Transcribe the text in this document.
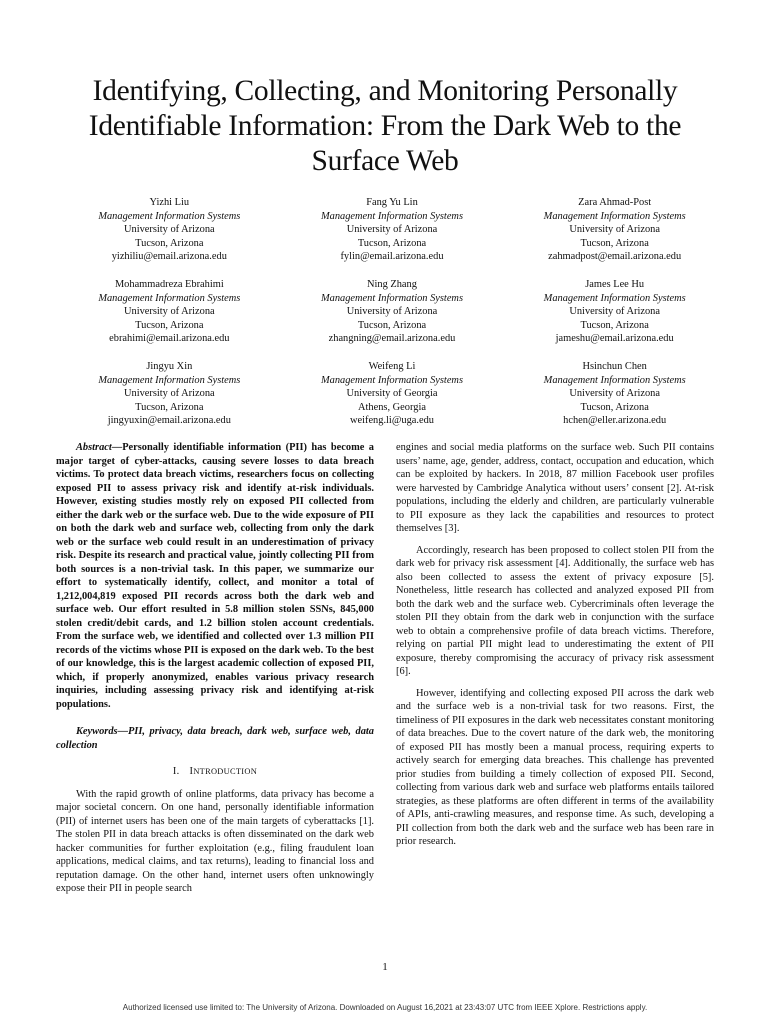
Identifying, Collecting, and Monitoring Personally
Identifiable Information: From the Dark Web to the
Surface Web
Yizhi Liu
Management Information Systems
University of Arizona
Tucson, Arizona
yizhiliu@email.arizona.edu
Fang Yu Lin
Management Information Systems
University of Arizona
Tucson, Arizona
fylin@email.arizona.edu
Zara Ahmad-Post
Management Information Systems
University of Arizona
Tucson, Arizona
zahmadpost@email.arizona.edu
Mohammadreza Ebrahimi
Management Information Systems
University of Arizona
Tucson, Arizona
ebrahimi@email.arizona.edu
Ning Zhang
Management Information Systems
University of Arizona
Tucson, Arizona
zhangning@email.arizona.edu
James Lee Hu
Management Information Systems
University of Arizona
Tucson, Arizona
jameshu@email.arizona.edu
Jingyu Xin
Management Information Systems
University of Arizona
Tucson, Arizona
jingyuxin@email.arizona.edu
Weifeng Li
Management Information Systems
University of Georgia
Athens, Georgia
weifeng.li@uga.edu
Hsinchun Chen
Management Information Systems
University of Arizona
Tucson, Arizona
hchen@eller.arizona.edu

Abstract—Personally identifiable information (PII) has become a major target of cyber-attacks, causing severe losses to data breach victims. To protect data breach victims, researchers focus on collecting exposed PII to assess privacy risk and identify at-risk individuals. However, existing studies mostly rely on exposed PII collected from either the dark web or the surface web. Due to the wide exposure of PII on both the dark web and surface web, collecting from only the dark web or the surface web could result in an underestimation of privacy risk. Despite its research and practical value, jointly collecting PII from both sources is a non-trivial task. In this paper, we summarize our effort to systematically identify, collect, and monitor a total of 1,212,004,819 exposed PII records across both the dark web and surface web. Our effort resulted in 5.8 million stolen SSNs, 845,000 stolen credit/debit cards, and 1.2 billion stolen account credentials. From the surface web, we identified and collected over 1.3 million PII records of the victims whose PII is exposed on the dark web. To the best of our knowledge, this is the largest academic collection of exposed PII, which, if properly anonymized, enables various privacy research inquiries, including assessing privacy risk and identifying at-risk populations.

Keywords—PII, privacy, data breach, dark web, surface web, data collection

I. INTRODUCTION

With the rapid growth of online platforms, data privacy has become a major societal concern. On one hand, personally identifiable information (PII) of internet users has been one of the main targets of cyberattacks [1]. The stolen PII in data breach attacks is often disseminated on the dark web hacker communities for further exploitation (e.g., filing fraudulent loan applications, medical claims, and tax returns), leading to financial loss and reputation damage. On the other hand, internet users often unknowingly expose their PII in people search

engines and social media platforms on the surface web. Such PII contains users’ name, age, gender, address, contact, occupation and education, which can be exploited by hackers. In 2018, 87 million Facebook user profiles were harvested by Cambridge Analytica without users’ consent [2]. At-risk populations, including the elderly and children, are particularly vulnerable to PII exposure as they lack the capabilities and resources to protect themselves [3].

Accordingly, research has been proposed to collect stolen PII from the dark web for privacy risk assessment [4]. Additionally, the surface web has also been collected to assess the extent of privacy exposure [5]. Nonetheless, little research has collected and analyzed exposed PII from both the dark web and the surface web. Cybercriminals often leverage the stolen PII they obtain from the dark web in conjunction with the surface web to obtain a comprehensive profile of data breach victims. Therefore, relying on partial PII might lead to underestimating the extent of PII exposure, thereby compromising the accuracy of privacy risk assessment [6].

However, identifying and collecting exposed PII across the dark web and the surface web is a non-trivial task for two reasons. First, the timeliness of PII exposures in the dark web necessitates constant monitoring of data breaches. Due to the covert nature of the dark web, the monitoring of exposed PII has mostly been a manual process, requiring experts to actively search for emerging data breaches. This challenge has prevented prior studies from building a timely collection of exposed PII. Second, collecting from various dark web and surface web platforms entails tailored strategies, as these platforms are often different in terms of the availability of APIs, anti-crawling measures, and response time. As such, developing a PII collection from both the dark web and the surface web has been rare in prior research.

1
Authorized licensed use limited to: The University of Arizona. Downloaded on August 16,2021 at 23:43:07 UTC from IEEE Xplore. Restrictions apply.
